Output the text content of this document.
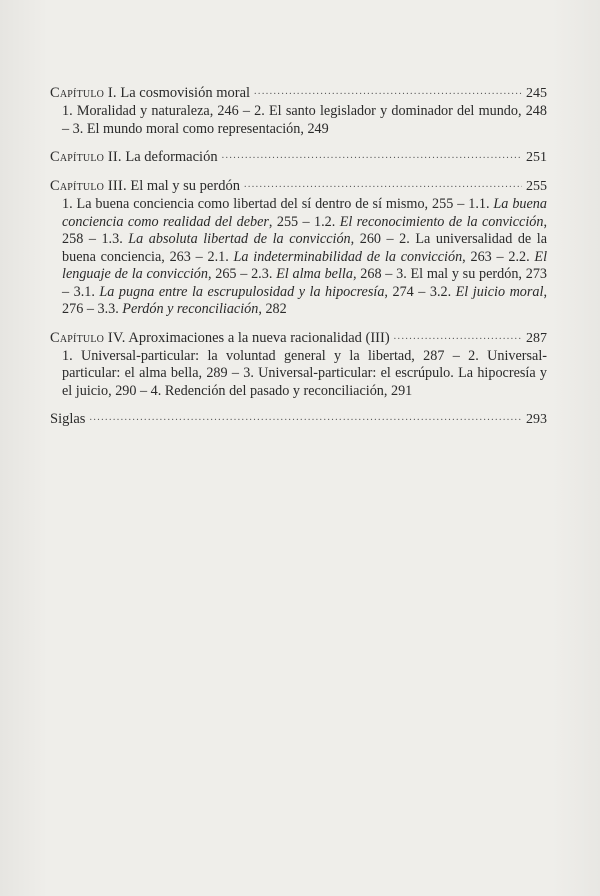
Capítulo I. La cosmovisión moral .....	245
1. Moralidad y naturaleza, 246 – 2. El santo legislador y dominador del mundo, 248 – 3. El mundo moral como representación, 249
Capítulo II. La deformación .....	251
Capítulo III. El mal y su perdón .....	255
1. La buena conciencia como libertad del sí dentro de sí mismo, 255 – 1.1. La buena conciencia como realidad del deber, 255 – 1.2. El reconocimiento de la convicción, 258 – 1.3. La absoluta libertad de la convicción, 260 – 2. La universalidad de la buena conciencia, 263 – 2.1. La indeterminabilidad de la convicción, 263 – 2.2. El lenguaje de la convicción, 265 – 2.3. El alma bella, 268 – 3. El mal y su perdón, 273 – 3.1. La pugna entre la escrupulosidad y la hipocresía, 274 – 3.2. El juicio moral, 276 – 3.3. Perdón y reconciliación, 282
Capítulo IV. Aproximaciones a la nueva racionalidad (III) .....	287
1. Universal-particular: la voluntad general y la libertad, 287 – 2. Universal-particular: el alma bella, 289 – 3. Universal-particular: el escrúpulo. La hipocresía y el juicio, 290 – 4. Redención del pasado y reconciliación, 291
Siglas .....	293
